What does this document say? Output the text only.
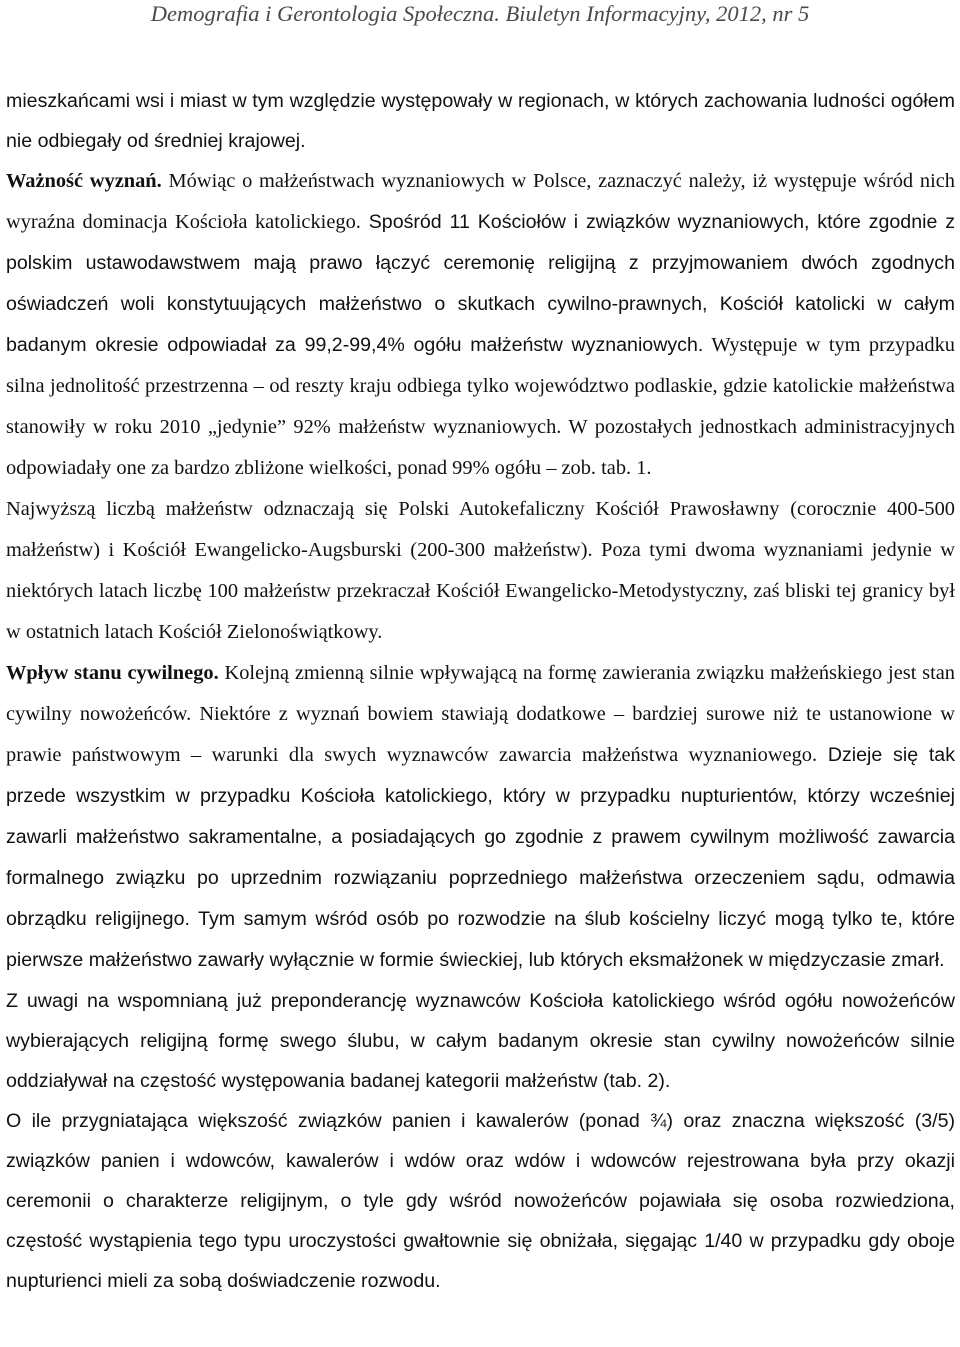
Demografia i Gerontologia Społeczna. Biuletyn Informacyjny, 2012, nr 5

mieszkańcami wsi i miast w tym względzie występowały w regionach, w których zachowania ludności ogółem nie odbiegały od średniej krajowej.

Ważność wyznań. Mówiąc o małżeństwach wyznaniowych w Polsce, zaznaczyć należy, iż występuje wśród nich wyraźna dominacja Kościoła katolickiego. Spośród 11 Kościołów i związków wyznaniowych, które zgodnie z polskim ustawodawstwem mają prawo łączyć ceremonię religijną z przyjmowaniem dwóch zgodnych oświadczeń woli konstytuujących małżeństwo o skutkach cywilno-prawnych, Kościół katolicki w całym badanym okresie odpowiadał za 99,2-99,4% ogółu małżeństw wyznaniowych. Występuje w tym przypadku silna jednolitość przestrzenna – od reszty kraju odbiega tylko województwo podlaskie, gdzie katolickie małżeństwa stanowiły w roku 2010 „jedynie” 92% małżeństw wyznaniowych. W pozostałych jednostkach administracyjnych odpowiadały one za bardzo zbliżone wielkości, ponad 99% ogółu – zob. tab. 1.

Najwyższą liczbą małżeństw odznaczają się Polski Autokefaliczny Kościół Prawosławny (corocznie 400-500 małżeństw) i Kościół Ewangelicko-Augsburski (200-300 małżeństw). Poza tymi dwoma wyznaniami jedynie w niektórych latach liczbę 100 małżeństw przekraczał Kościół Ewangelicko-Metodystyczny, zaś bliski tej granicy był w ostatnich latach Kościół Zielonoświątkowy.

Wpływ stanu cywilnego. Kolejną zmienną silnie wpływającą na formę zawierania związku małżeńskiego jest stan cywilny nowożeńców. Niektóre z wyznań bowiem stawiają dodatkowe – bardziej surowe niż te ustanowione w prawie państwowym – warunki dla swych wyznawców zawarcia małżeństwa wyznaniowego. Dzieje się tak przede wszystkim w przypadku Kościoła katolickiego, który w przypadku nupturientów, którzy wcześniej zawarli małżeństwo sakramentalne, a posiadających go zgodnie z prawem cywilnym możliwość zawarcia formalnego związku po uprzednim rozwiązaniu poprzedniego małżeństwa orzeczeniem sądu, odmawia obrządku religijnego. Tym samym wśród osób po rozwodzie na ślub kościelny liczyć mogą tylko te, które pierwsze małżeństwo zawarły wyłącznie w formie świeckiej, lub których eksmałżonek w międzyczasie zmarł.

Z uwagi na wspomnianą już preponderancję wyznawców Kościoła katolickiego wśród ogółu nowożeńców wybierających religijną formę swego ślubu, w całym badanym okresie stan cywilny nowożeńców silnie oddziaływał na częstość występowania badanej kategorii małżeństw (tab. 2).

O ile przygniatająca większość związków panien i kawalerów (ponad ¾) oraz znaczna większość (3/5) związków panien i wdowców, kawalerów i wdów oraz wdów i wdowców rejestrowana była przy okazji ceremonii o charakterze religijnym, o tyle gdy wśród nowożeńców pojawiała się osoba rozwiedziona, częstość wystąpienia tego typu uroczystości gwałtownie się obniżała, sięgając 1/40 w przypadku gdy oboje nupturienci mieli za sobą doświadczenie rozwodu.
